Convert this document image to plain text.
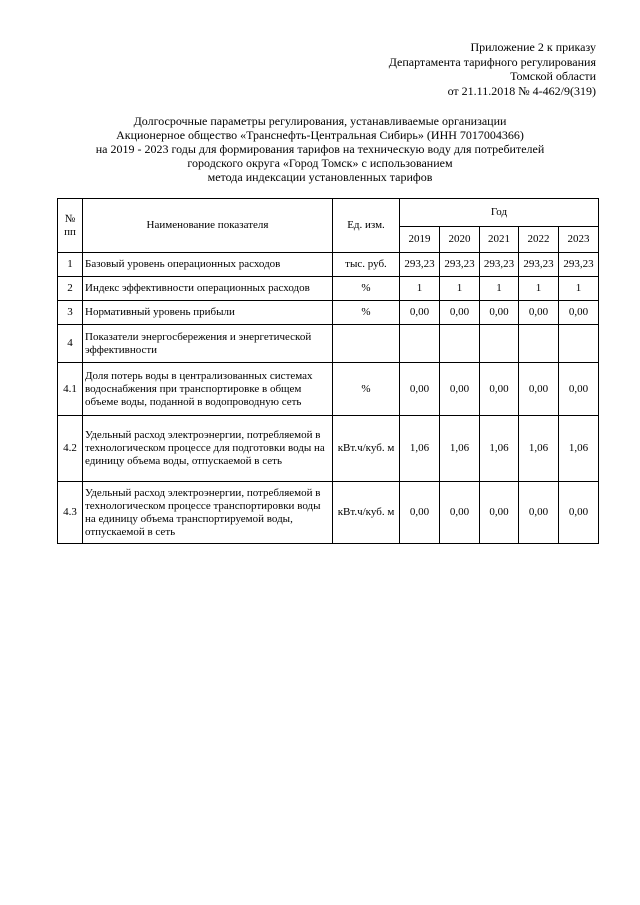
Приложение 2 к приказу
Департамента тарифного регулирования
Томской области
от 21.11.2018 № 4-462/9(319)
Долгосрочные параметры регулирования, устанавливаемые организации
Акционерное общество «Транснефть-Центральная Сибирь» (ИНН 7017004366)
на 2019 - 2023 годы для формирования тарифов на техническую воду для потребителей
городского округа «Город Томск» с использованием
метода индексации установленных тарифов
№ пп	Наименование показателя	Ед. изм.	Год				
			2019	2020	2021	2022	2023
1	Базовый уровень операционных расходов	тыс. руб.	293,23	293,23	293,23	293,23	293,23
2	Индекс эффективности операционных расходов	%	1	1	1	1	1
3	Нормативный уровень прибыли	%	0,00	0,00	0,00	0,00	0,00
4	Показатели энергосбережения и энергетической эффективности						
4.1	Доля потерь воды в централизованных системах водоснабжения при транспортировке в общем объеме воды, поданной в водопроводную сеть	%	0,00	0,00	0,00	0,00	0,00
4.2	Удельный расход электроэнергии, потребляемой в технологическом процессе для подготовки воды на единицу объема воды, отпускаемой в сеть	кВт.ч/куб. м	1,06	1,06	1,06	1,06	1,06
4.3	Удельный расход электроэнергии, потребляемой в технологическом процессе транспортировки воды на единицу объема транспортируемой воды, отпускаемой в сеть	кВт.ч/куб. м	0,00	0,00	0,00	0,00	0,00
